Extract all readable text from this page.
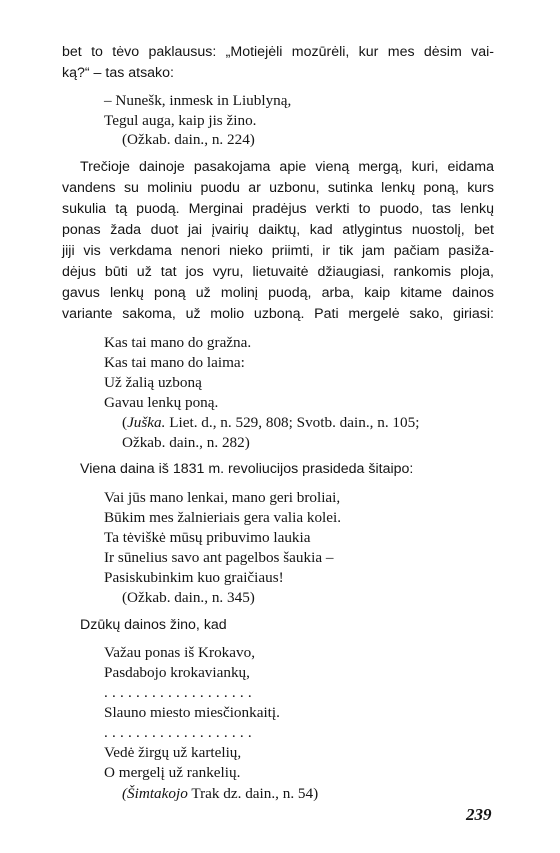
bet to tėvo paklausus: „Motiejėli mozūrėli, kur mes dėsim vai-
ką?“ – tas atsako:
– Nunešk, inmesk in Liublyną,
Tegul auga, kaip jis žino.
(Ožkab. dain., n. 224)
Trečioje dainoje pasakojama apie vieną mergą, kuri, eidama
vandens su moliniu puodu ar uzbonu, sutinka lenkų poną, kurs
sukulia tą puodą. Merginai pradėjus verkti to puodo, tas lenkų
ponas žada duot jai įvairių daiktų, kad atlygintus nuostolį, bet
jiji vis verkdama nenori nieko priimti, ir tik jam pačiam pasiža-
dėjus būti už tat jos vyru, lietuvaitė džiaugiasi, rankomis ploja,
gavus lenkų poną už molinį puodą, arba, kaip kitame dainos
variante sakoma, už molio uzboną. Pati mergelė sako, giriasi:
Kas tai mano do gražna.
Kas tai mano do laima:
Už žalią uzboną
Gavau lenkų poną.
(Juška. Liet. d., n. 529, 808; Svotb. dain., n. 105;
Ožkab. dain., n. 282)
Viena daina iš 1831 m. revoliucijos prasideda šitaipo:
Vai jūs mano lenkai, mano geri broliai,
Būkim mes žalnieriais gera valia kolei.
Ta tėviškė mūsų pribuvimo laukia
Ir sūnelius savo ant pagelbos šaukia –
Pasiskubinkim kuo graičiaus!
(Ožkab. dain., n. 345)
Dzūkų dainos žino, kad
Važau ponas iš Krokavo,
Pasdabojo krokaviankų,
. . . . . . . . . . . . . . . . . . .
Slauno miesto miesčionkaitį.
. . . . . . . . . . . . . . . . . . .
Vedė žirgų už kartelių,
O mergelį už rankelių.
(Šimtakojo Trak dz. dain., n. 54)
239
